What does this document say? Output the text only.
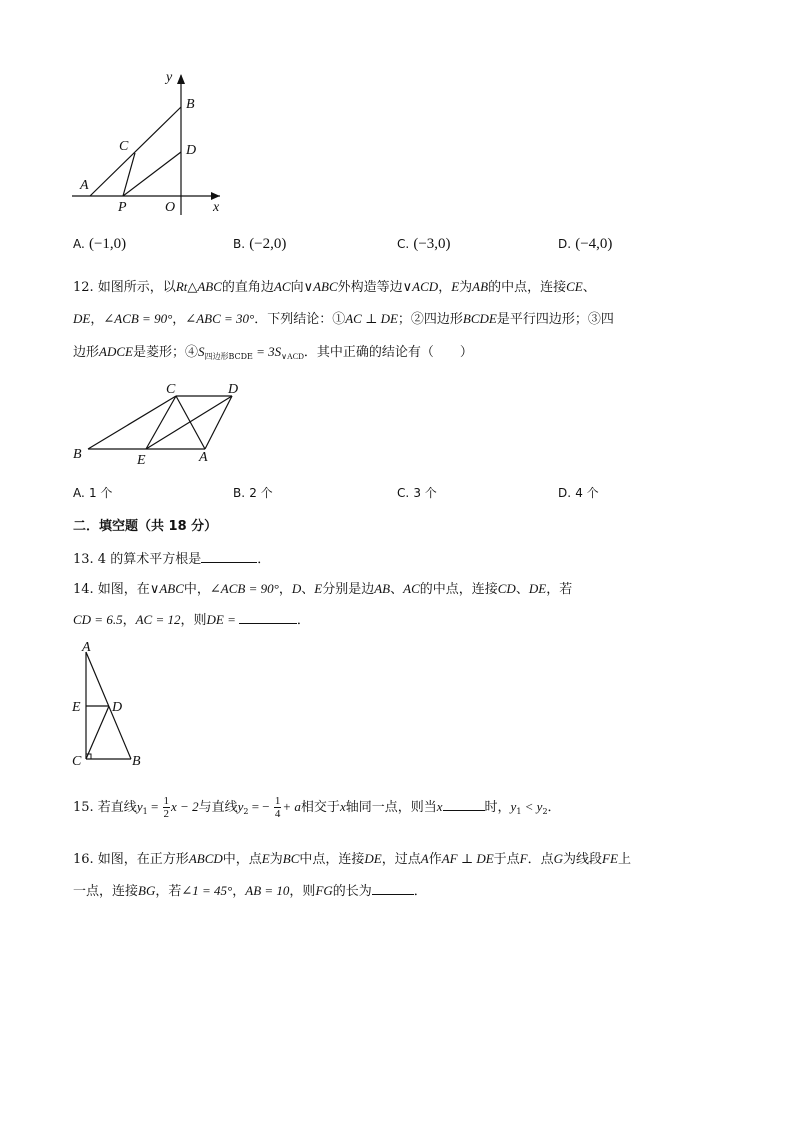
y
x
A
B
C	D
P	O
A. (−1,0)	B. (−2,0)	C. (−3,0)	D. (−4,0)
12. 如图所示，以Rt△ABC的直角边AC向∨ABC外构造等边∨ACD，E为AB的中点，连接CE、
DE，∠ACB = 90°，∠ABC = 30°．下列结论：①AC ⊥ DE；②四边形BCDE是平行四边形；③四
边形ADCE是菱形；$④S_{四边形BCDE} = 3S_{\vee ACD}$．其中正确的结论有（　　）
C	D
B	E	A
A. 1 个	B. 2 个	C. 3 个	D. 4 个
二．填空题（共 18 分）
13. 4 的算术平方根是	．
14. 如图，在∨ABC中，∠ACB = 90°，D、E分别是边AB、AC的中点，连接CD、DE，若
CD = 6.5，AC = 12，则DE =	．
A
E D
C	B
15. 若直线$y_1 = \frac{1}{2}$ x − 2与直线$y_2$ = − $\frac{1}{4} + a$相交于x轴同一点，则当x	时，$y_1 < y_2$．
16. 如图，在正方形ABCD中，点E为BC中点，连接DE，过点A作AF ⊥ DE于点F．点G为线段FE上
一点，连接BG，若∠1 = 45°，AB = 10，则FG的长为	．
